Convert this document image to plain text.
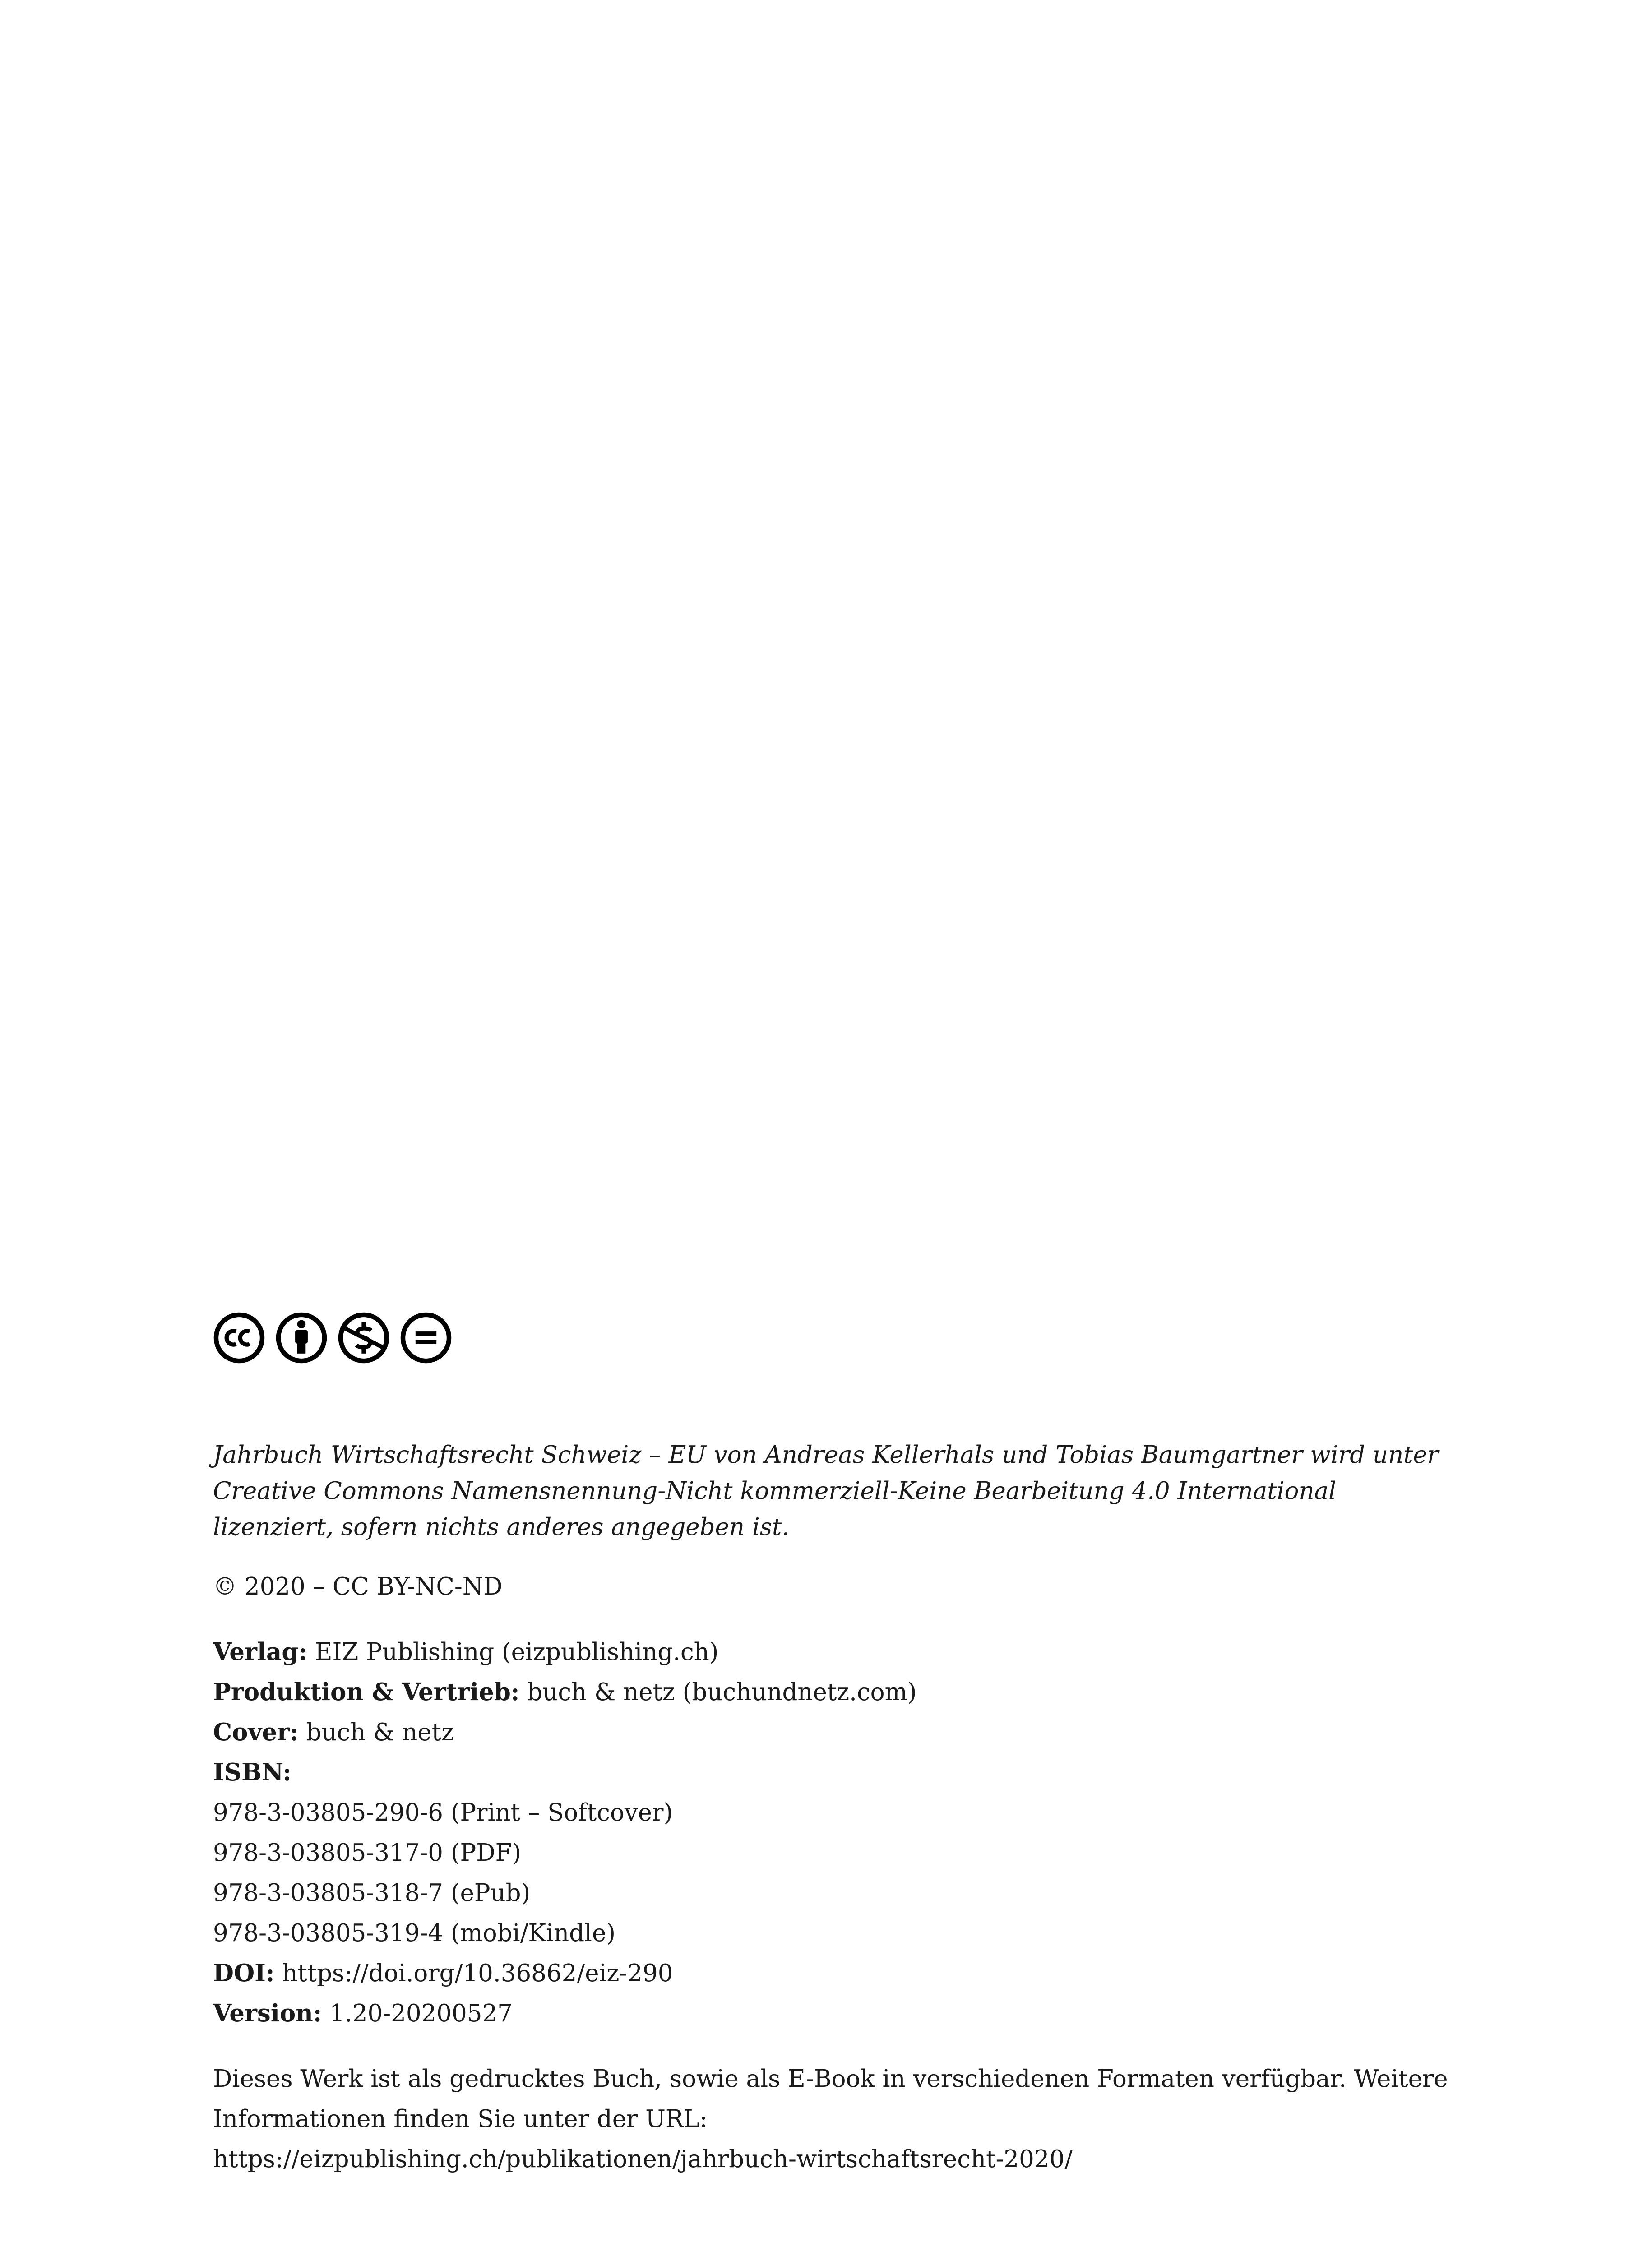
Jahrbuch Wirtschaftsrecht Schweiz – EU von Andreas Kellerhals und Tobias Baumgartner wird unter Creative Commons Namensnennung-Nicht kommerziell-Keine Bearbeitung 4.0 International lizenziert, sofern nichts anderes angegeben ist.
© 2020 – CC BY-NC-ND
Verlag: EIZ Publishing (eizpublishing.ch)
Produktion & Vertrieb: buch & netz (buchundnetz.com)
Cover: buch & netz
ISBN:
978-3-03805-290-6 (Print – Softcover)
978-3-03805-317-0 (PDF)
978-3-03805-318-7 (ePub)
978-3-03805-319-4 (mobi/Kindle)
DOI: https://doi.org/10.36862/eiz-290
Version: 1.20-20200527
Dieses Werk ist als gedrucktes Buch, sowie als E-Book in verschiedenen Formaten verfügbar. Weitere
Informationen finden Sie unter der URL:
https://eizpublishing.ch/publikationen/jahrbuch-wirtschaftsrecht-2020/
